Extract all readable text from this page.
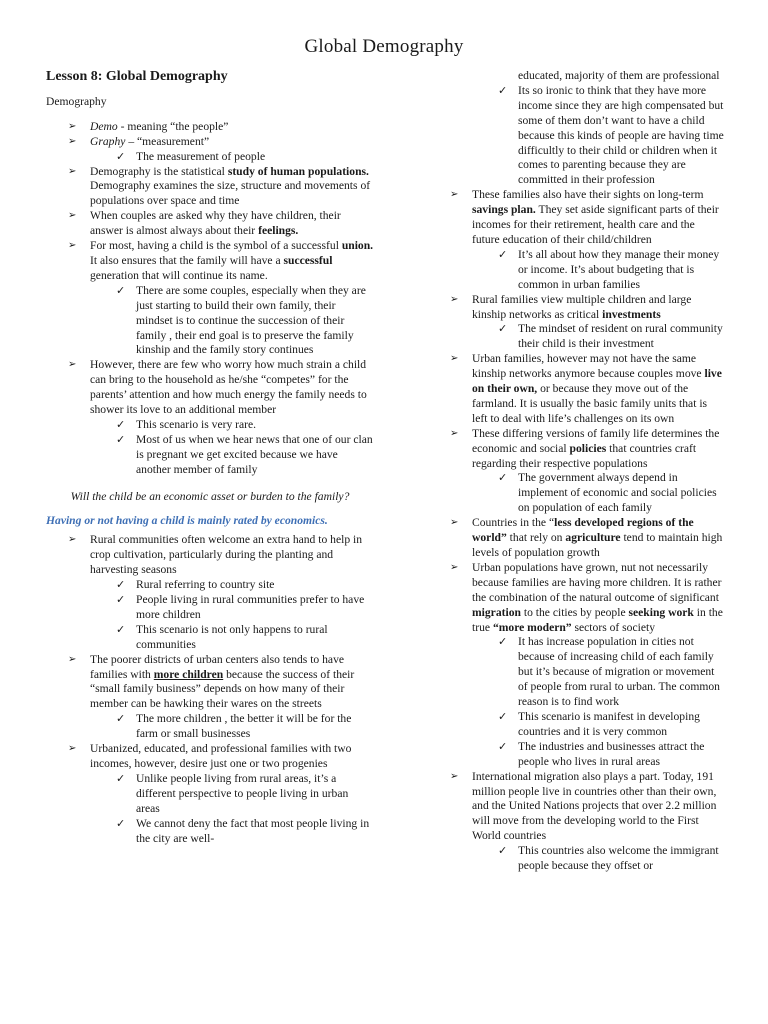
Global Demography
Lesson 8: Global Demography
Demography
➢ Demo - meaning “the people”
➢ Graphy – “measurement”
✓ The measurement of people
➢ Demography is the statistical study of human populations. Demography examines the size, structure and movements of populations over space and time
➢ When couples are asked why they have children, their answer is almost always about their feelings.
➢ For most, having a child is the symbol of a successful union. It also ensures that the family will have a successful generation that will continue its name.
✓ There are some couples, especially when they are just starting to build their own family, their mindset is to continue the succession of their family , their end goal is to preserve the family kinship and the family story continues
➢ However, there are few who worry how much strain a child can bring to the household as he/she “competes” for the parents’ attention and how much energy the family needs to shower its love to an additional member
✓ This scenario is very rare.
✓ Most of us when we hear news that one of our clan is pregnant we get excited because we have another member of family
Will the child be an economic asset or burden to the family?
Having or not having a child is mainly rated by economics.
➢ Rural communities often welcome an extra hand to help in crop cultivation, particularly during the planting and harvesting seasons
✓ Rural referring to country site
✓ People living in rural communities prefer to have more children
✓ This scenario is not only happens to rural communities
➢ The poorer districts of urban centers also tends to have families with more children because the success of their “small family business” depends on how many of their member can be hawking their wares on the streets
✓ The more children , the better it will be for the farm or small businesses
➢ Urbanized, educated, and professional families with two incomes, however, desire just one or two progenies
✓ Unlike people living from rural areas, it’s a different perspective to people living in urban areas
✓ We cannot deny the fact that most people living in the city are well-
educated, majority of them are professional
✓ Its so ironic to think that they have more income since they are high compensated but some of them don’t want to have a child because this kinds of people are having time difficultly to their child or children when it comes to parenting because they are committed in their profession
➢ These families also have their sights on long-term savings plan. They set aside significant parts of their incomes for their retirement, health care and the future education of their child/children
✓ It’s all about how they manage their money or income. It’s about budgeting that is common in urban families
➢ Rural families view multiple children and large kinship networks as critical investments
✓ The mindset of resident on rural community their child is their investment
➢ Urban families, however may not have the same kinship networks anymore because couples move live on their own, or because they move out of the farmland. It is usually the basic family units that is left to deal with life’s challenges on its own
➢ These differing versions of family life determines the economic and social policies that countries craft regarding their respective populations
✓ The government always depend in implement of economic and social policies on population of each family
➢ Countries in the “less developed regions of the world” that rely on agriculture tend to maintain high levels of population growth
➢ Urban populations have grown, nut not necessarily because families are having more children. It is rather the combination of the natural outcome of significant migration to the cities by people seeking work in the true “more modern” sectors of society
✓ It has increase population in cities not because of increasing child of each family but it’s because of migration or movement of people from rural to urban. The common reason is to find work
✓ This scenario is manifest in developing countries and it is very common
✓ The industries and businesses attract the people who lives in rural areas
➢ International migration also plays a part. Today, 191 million people live in countries other than their own, and the United Nations projects that over 2.2 million will move from the developing world to the First World countries
✓ This countries also welcome the immigrant people because they offset or
